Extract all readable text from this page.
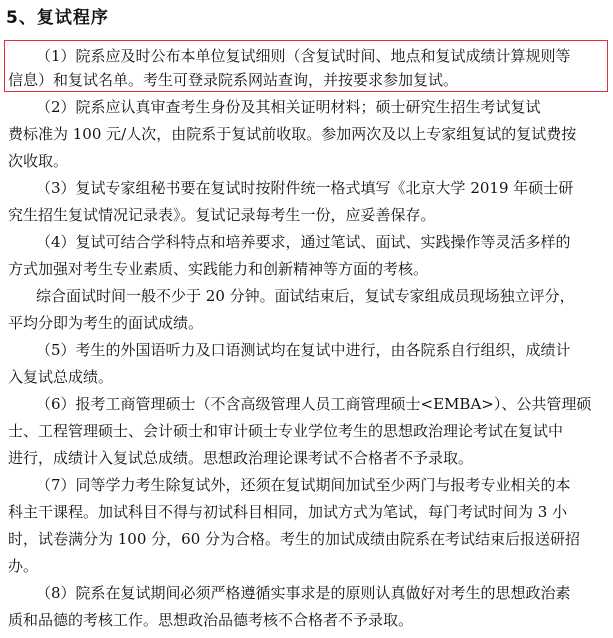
5、复试程序
（1）院系应及时公布本单位复试细则（含复试时间、地点和复试成绩计算规则等
信息）和复试名单。考生可登录院系网站查询，并按要求参加复试。
（2）院系应认真审查考生身份及其相关证明材料；硕士研究生招生考试复试
费标准为 100 元/人次，由院系于复试前收取。参加两次及以上专家组复试的复试费按
次收取。
（3）复试专家组秘书要在复试时按附件统一格式填写《北京大学 2019 年硕士研
究生招生复试情况记录表》。复试记录每考生一份，应妥善保存。
（4）复试可结合学科特点和培养要求，通过笔试、面试、实践操作等灵活多样的
方式加强对考生专业素质、实践能力和创新精神等方面的考核。
综合面试时间一般不少于 20 分钟。面试结束后，复试专家组成员现场独立评分，
平均分即为考生的面试成绩。
（5）考生的外国语听力及口语测试均在复试中进行，由各院系自行组织，成绩计
入复试总成绩。
（6）报考工商管理硕士（不含高级管理人员工商管理硕士<EMBA>）、公共管理硕
士、工程管理硕士、会计硕士和审计硕士专业学位考生的思想政治理论考试在复试中
进行，成绩计入复试总成绩。思想政治理论课考试不合格者不予录取。
（7）同等学力考生除复试外，还须在复试期间加试至少两门与报考专业相关的本
科主干课程。加试科目不得与初试科目相同，加试方式为笔试，每门考试时间为 3 小
时，试卷满分为 100 分，60 分为合格。考生的加试成绩由院系在考试结束后报送研招
办。
（8）院系在复试期间必须严格遵循实事求是的原则认真做好对考生的思想政治素
质和品德的考核工作。思想政治品德考核不合格者不予录取。
